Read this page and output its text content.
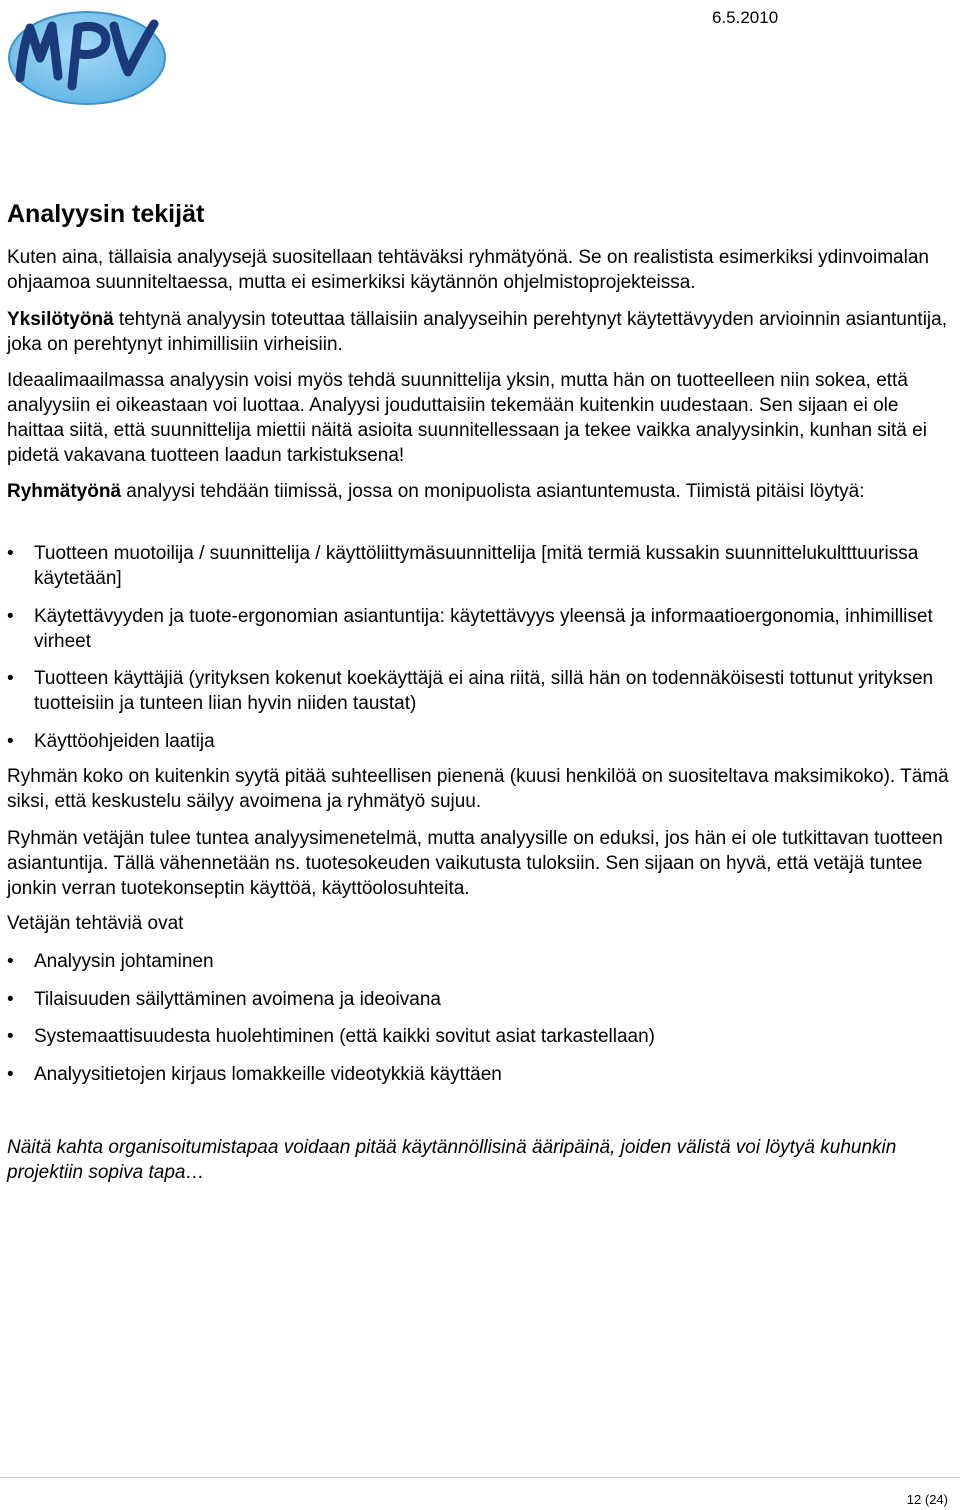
6.5.2010
Analyysin tekijät

Kuten aina, tällaisia analyysejä suositellaan tehtäväksi ryhmätyönä. Se on realistista esimerkiksi ydinvoimalan ohjaamoa suunniteltaessa, mutta ei esimerkiksi käytännön ohjelmistoprojekteissa.

Yksilötyönä tehtynä analyysin toteuttaa tällaisiin analyyseihin perehtynyt käytettävyyden arvioinnin asiantuntija, joka on perehtynyt inhimillisiin virheisiin.

Ideaalimaailmassa analyysin voisi myös tehdä suunnittelija yksin, mutta hän on tuotteelleen niin sokea, että analyysiin ei oikeastaan voi luottaa. Analyysi jouduttaisiin tekemään kuitenkin uudestaan. Sen sijaan ei ole haittaa siitä, että suunnittelija miettii näitä asioita suunnitellessaan ja tekee vaikka analyysinkin, kunhan sitä ei pidetä vakavana tuotteen laadun tarkistuksena!

Ryhmätyönä analyysi tehdään tiimissä, jossa on monipuolista asiantuntemusta. Tiimistä pitäisi löytyä:

• Tuotteen muotoilija / suunnittelija / käyttöliittymäsuunnittelija [mitä termiä kussakin suunnittelukultttuurissa käytetään]
• Käytettävyyden ja tuote-ergonomian asiantuntija: käytettävyys yleensä ja informaatioergonomia, inhimilliset virheet
• Tuotteen käyttäjiä (yrityksen kokenut koekäyttäjä ei aina riitä, sillä hän on todennäköisesti tottunut yrityksen tuotteisiin ja tunteen liian hyvin niiden taustat)
• Käyttöohjeiden laatija

Ryhmän koko on kuitenkin syytä pitää suhteellisen pienenä (kuusi henkilöä on suositeltava maksimikoko). Tämä siksi, että keskustelu säilyy avoimena ja ryhmätyö sujuu.

Ryhmän vetäjän tulee tuntea analyysimenetelmä, mutta analyysille on eduksi, jos hän ei ole tutkittavan tuotteen asiantuntija. Tällä vähennetään ns. tuotesokeuden vaikutusta tuloksiin. Sen sijaan on hyvä, että vetäjä tuntee jonkin verran tuotekonseptin käyttöä, käyttöolosuhteita.

Vetäjän tehtäviä ovat

• Analyysin johtaminen
• Tilaisuuden säilyttäminen avoimena ja ideoivana
• Systemaattisuudesta huolehtiminen (että kaikki sovitut asiat tarkastellaan)
• Analyysitietojen kirjaus lomakkeille videotykkiä käyttäen

Näitä kahta organisoitumistapaa voidaan pitää käytännöllisinä ääripäinä, joiden välistä voi löytyä kuhunkin projektiin sopiva tapa…

12 (24)
